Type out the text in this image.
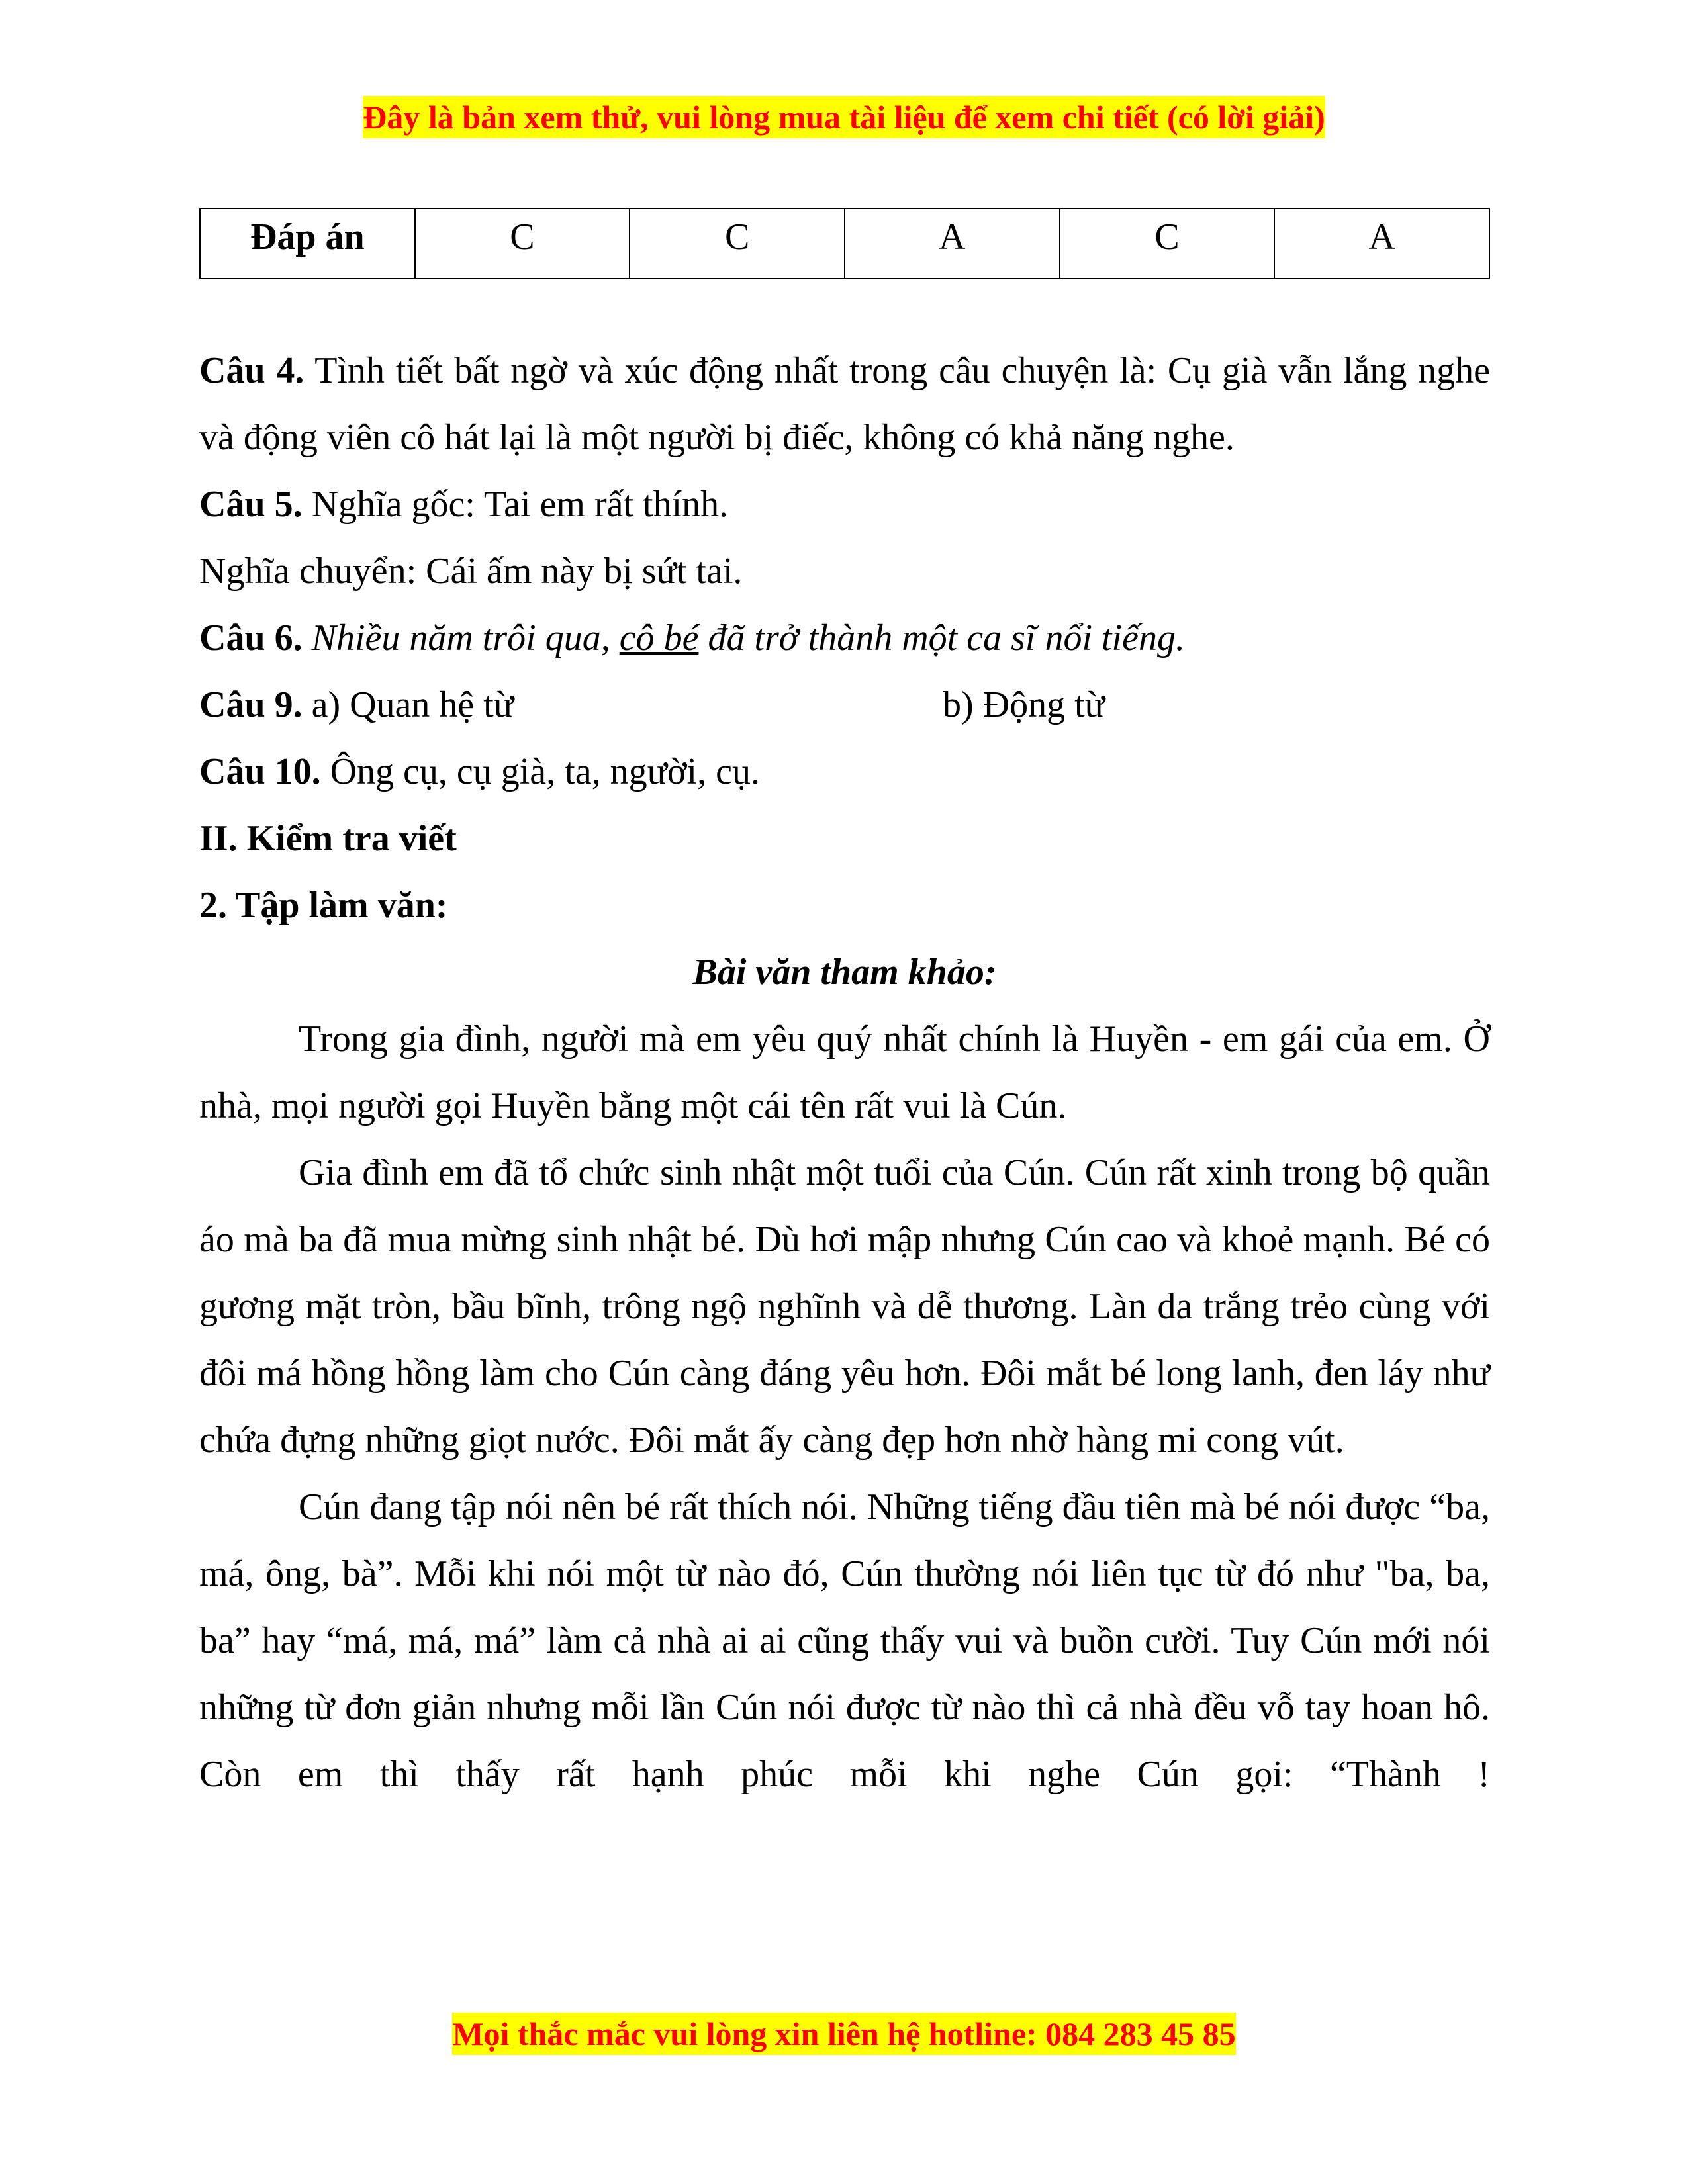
Đây là bản xem thử, vui lòng mua tài liệu để xem chi tiết (có lời giải)
Đáp án	C	C	A	C	A

Câu 4. Tình tiết bất ngờ và xúc động nhất trong câu chuyện là: Cụ già vẫn lắng nghe và động viên cô hát lại là một người bị điếc, không có khả năng nghe.

Câu 5. Nghĩa gốc: Tai em rất thính.

Nghĩa chuyển: Cái ấm này bị sứt tai.

Câu 6. Nhiều năm trôi qua, cô bé đã trở thành một ca sĩ nổi tiếng.

Câu 9. a) Quan hệ từ	b) Động từ

Câu 10. Ông cụ, cụ già, ta, người, cụ.

II. Kiểm tra viết

2. Tập làm văn:

Bài văn tham khảo:

Trong gia đình, người mà em yêu quý nhất chính là Huyền - em gái của em. Ở nhà, mọi người gọi Huyền bằng một cái tên rất vui là Cún.

Gia đình em đã tổ chức sinh nhật một tuổi của Cún. Cún rất xinh trong bộ quần áo mà ba đã mua mừng sinh nhật bé. Dù hơi mập nhưng Cún cao và khoẻ mạnh. Bé có gương mặt tròn, bầu bĩnh, trông ngộ nghĩnh và dễ thương. Làn da trắng trẻo cùng với đôi má hồng hồng làm cho Cún càng đáng yêu hơn. Đôi mắt bé long lanh, đen láy như chứa đựng những giọt nước. Đôi mắt ấy càng đẹp hơn nhờ hàng mi cong vút.

Cún đang tập nói nên bé rất thích nói. Những tiếng đầu tiên mà bé nói được “ba, má, ông, bà”. Mỗi khi nói một từ nào đó, Cún thường nói liên tục từ đó như "ba, ba, ba” hay “má, má, má” làm cả nhà ai ai cũng thấy vui và buồn cười. Tuy Cún mới nói những từ đơn giản nhưng mỗi lần Cún nói được từ nào thì cả nhà đều vỗ tay hoan hô. Còn em thì thấy rất hạnh phúc mỗi khi nghe Cún gọi: “Thành !

Mọi thắc mắc vui lòng xin liên hệ hotline: 084 283 45 85
